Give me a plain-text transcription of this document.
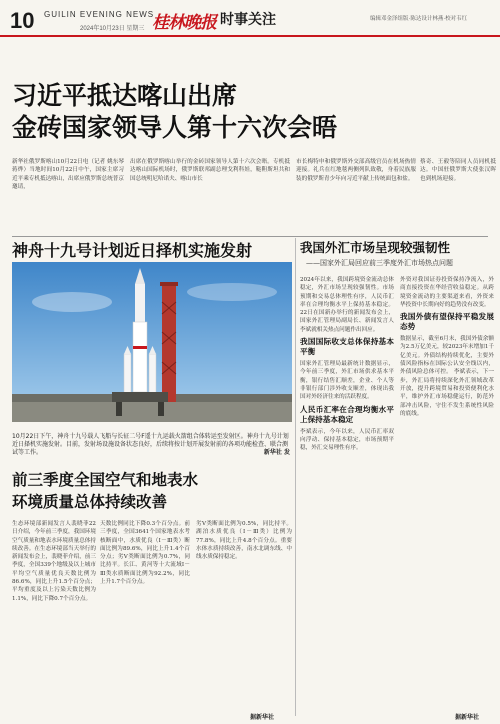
10 GUILIN EVENING NEWS
2024年10月23日 星期三 桂林晚报 时事关注	编辑邓金泽组版·陈达设计林燕·校对韦红
习近平抵达喀山出席
金砖国家领导人第十六次会晤
新华社俄罗斯喀山10月22日电（记者 姚东琴 蒋烨）当地时间10月22日中午，国家主席习近平乘专机抵达喀山，出席应俄罗斯总统普京邀请，
出席在俄罗斯喀山举行的金砖国家领导人第十六次会晤。专机抵达喀山国际机场时，俄罗斯联邦副总理戈利科娃，鞑靼斯坦共和国总统明尼哈诺夫、喀山市长
市长梅特申和俄罗斯外交部高级官员在机场热情迎接。礼兵在红地毯两侧列队致敬，身着民族服装的俄罗斯青少年向习近平献上传统面包和盐。
蔡奇、王毅等陪同人员同机抵达。中国驻俄罗斯大使张汉晖也到机场迎接。
神舟十九号计划近日择机实施发射
10月22日下午，神舟十九号载人飞船与长征二号F遥十九运载火箭组合体转运至发射区。神舟十九号计划近日择机实施发射。目前，发射场设施设备状态良好，后续将按计划开展发射前的各项功能检查、联合测试等工作。	新华社 发
前三季度全国空气和地表水
环境质量总体持续改善
生态环境部新闻发言人裴晓菲22日介绍，今年前三季度，我国环境空气质量和地表水环境质量总体持续改善。在生态环境部当天举行的新闻发布会上，裴晓菲介绍，前三季度，全国339个地级及以上城市平均空气质量优良天数比例为86.6%，同比上升1.5个百分点；平均重度及以上污染天数比例为1.1%，同比下降0.7个百分点。
天数比例同比下降0.3个百分点。前三季度，全国3641个国家地表水考核断面中，水质优良（Ⅰ－Ⅲ类）断面比例为89.6%，同比上升1.4个百分点；劣Ⅴ类断面比例为0.7%，同比持平。长江、黄河等十大流域Ⅰ－Ⅲ类水质断面比例为92.2%，同比上升1.7个百分点。
劣Ⅴ类断面比例为0.5%，同比持平。湖泊水质优良（Ⅰ－Ⅲ类）比例为77.8%，同比上升4.8个百分点。重要水体水质持续改善，南水北调东线、中线水质保持稳定。
据新华社
我国外汇市场呈现较强韧性
——国家外汇局回应前三季度外汇市场热点问题
2024年以来，我国跨境资金流动总体稳定，外汇市场呈现较强韧性。市场预期和交易总体理性有序，人民币汇率在合理均衡水平上保持基本稳定。22日在国新办举行的新闻发布会上，国家外汇管理局副局长、新闻发言人李斌就相关热点问题作出回应。
我国国际收支总体保持基本平衡
国家外汇管理局最新统计数据显示，今年前三季度，外汇市场供求基本平衡，银行结售汇顺差，企业、个人等非银行部门涉外收支顺差，体现出我国对外经济往来的活跃程度。
人民币汇率在合理均衡水平上保持基本稳定
李斌表示，今年以来，人民币汇率双向浮动、保持基本稳定，市场预期平稳，外汇交易理性有序。
外资对我国证券投资保持净流入，外商直接投资在华经营收益稳定。从跨境资金流动的主要渠道来看，外资来华投资中长期向好的趋势没有改变。
我国外债有望保持平稳发展态势
数据显示，截至6月末，我国外债余额为2.5万亿美元，较2023年末增加1千亿美元。外债结构持续优化，主要外债风险指标在国际公认安全线以内，外债风险总体可控。 李斌表示，下一步，外汇局将持续深化外汇领域改革开放，提升跨境贸易和投资便利化水平，维护外汇市场稳健运行，防范外部冲击风险，守住不发生系统性风险的底线。
据新华社
